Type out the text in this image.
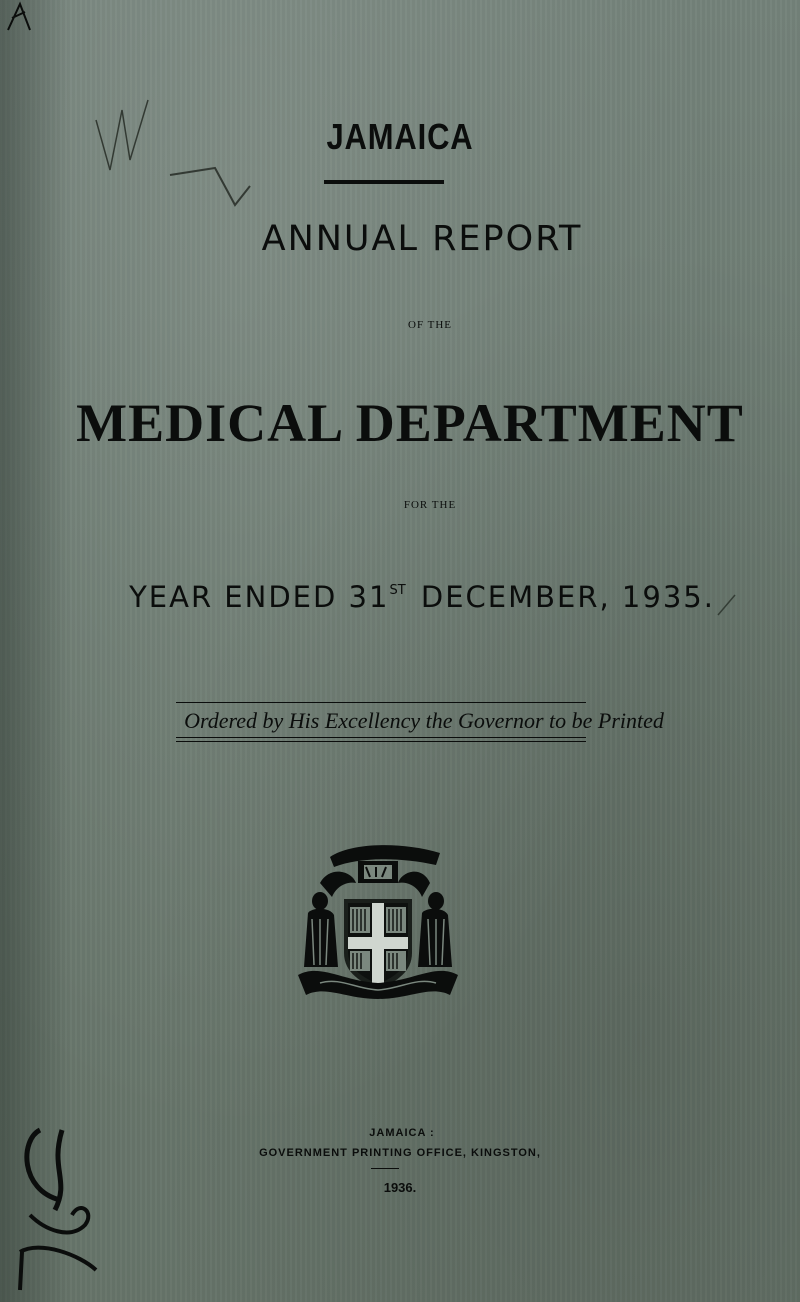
JAMAICA
ANNUAL REPORT
OF THE
MEDICAL DEPARTMENT
FOR THE
YEAR ENDED 31ST DECEMBER, 1935.
Ordered by His Excellency the Governor to be Printed
JAMAICA :
GOVERNMENT PRINTING OFFICE, KINGSTON,
1936.
